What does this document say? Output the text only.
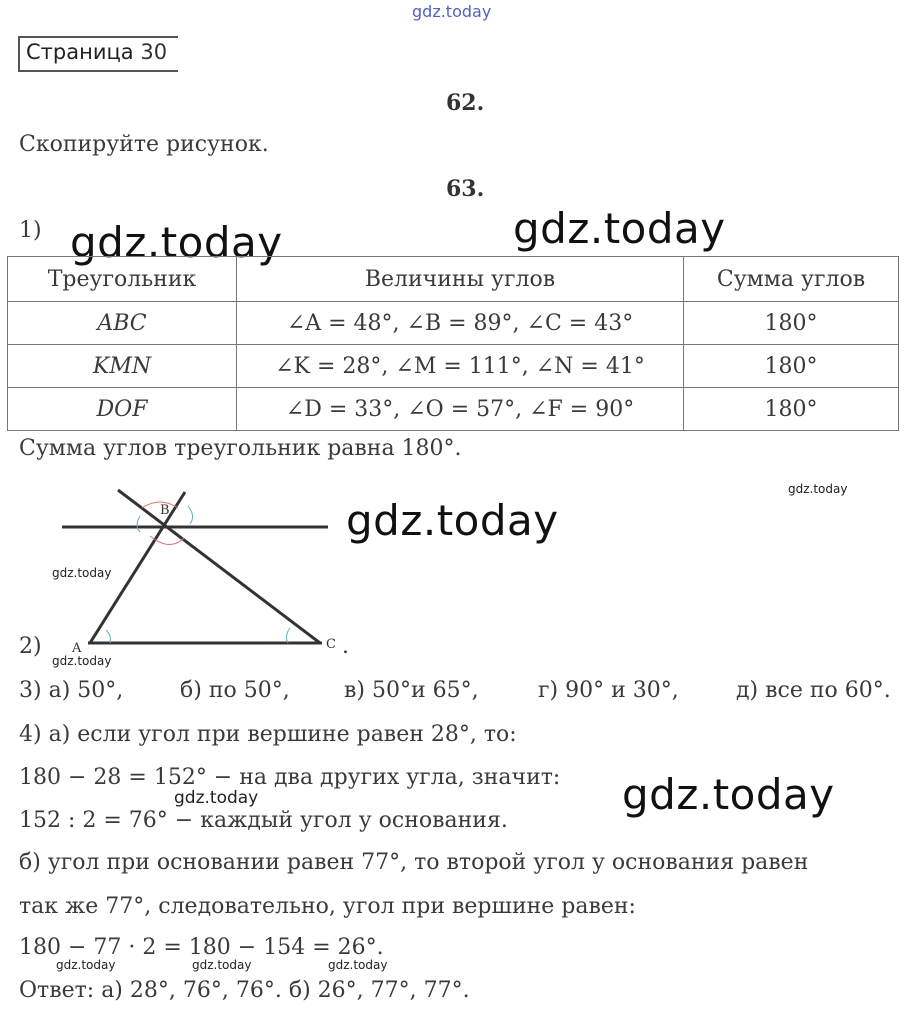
gdz.today
Страница 30
62.
Скопируйте рисунок.
63.
1) gdz.today	gdz.today
Треугольник	Величины углов	Сумма углов
ABC	∠A = 48°, ∠B = 89°, ∠C = 43°	180°
KMN	∠K = 28°, ∠M = 111°, ∠N = 41°	180°
DOF	∠D = 33°, ∠O = 57°, ∠F = 90°	180°
Сумма углов треугольник равна 180°.
B
A	C
gdz.today
gdz.today
gdz.today
2)	.
gdz.today
3) а) 50°,	б) по 50°, в) 50°и 65°,	г) 90° и 30°,	д) все по 60°.
4) а) если угол при вершине равен 28°, то:
180 − 28 = 152° − на два других угла, значит:
gdz.today	gdz.today
152 : 2 = 76° − каждый угол у основания.
б) угол при основании равен 77°, то второй угол у основания равен
так же 77°, следовательно, угол при вершине равен:
180 − 77 · 2 = 180 − 154 = 26°.
gdz.today	gdz.today	gdz.today
Ответ: а) 28°, 76°, 76°. б) 26°, 77°, 77°.
